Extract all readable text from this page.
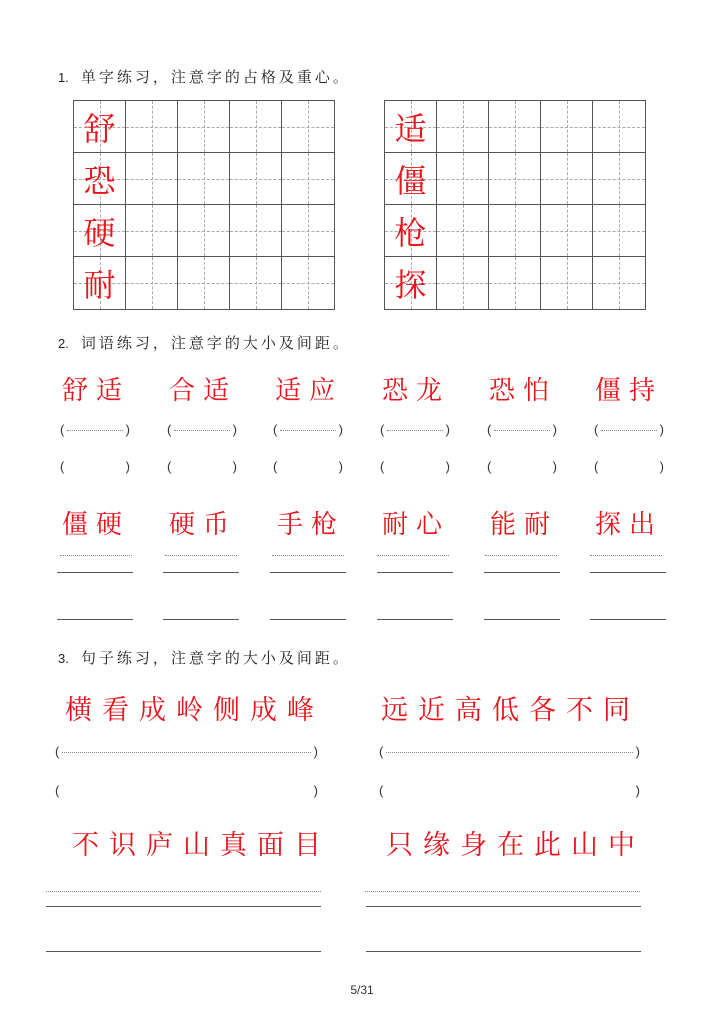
1. 单字练习，注意字的占格及重心。
舒
恐
硬
耐
适
僵
枪
探
2. 词语练习，注意字的大小及间距。
舒适	合适	适应	恐龙	恐怕	僵持
(	)	(	)	(	)	(	)	(	)	(	)
(	)	(	)	(	)	(	)	(	)	(	)
僵硬	硬币	手枪	耐心	能耐	探出
3. 句子练习，注意字的大小及间距。
横看成岭侧成峰 远近高低各不同
(	)	(	)
(	)	(	)
不识庐山真面目 只缘身在此山中
5/31
